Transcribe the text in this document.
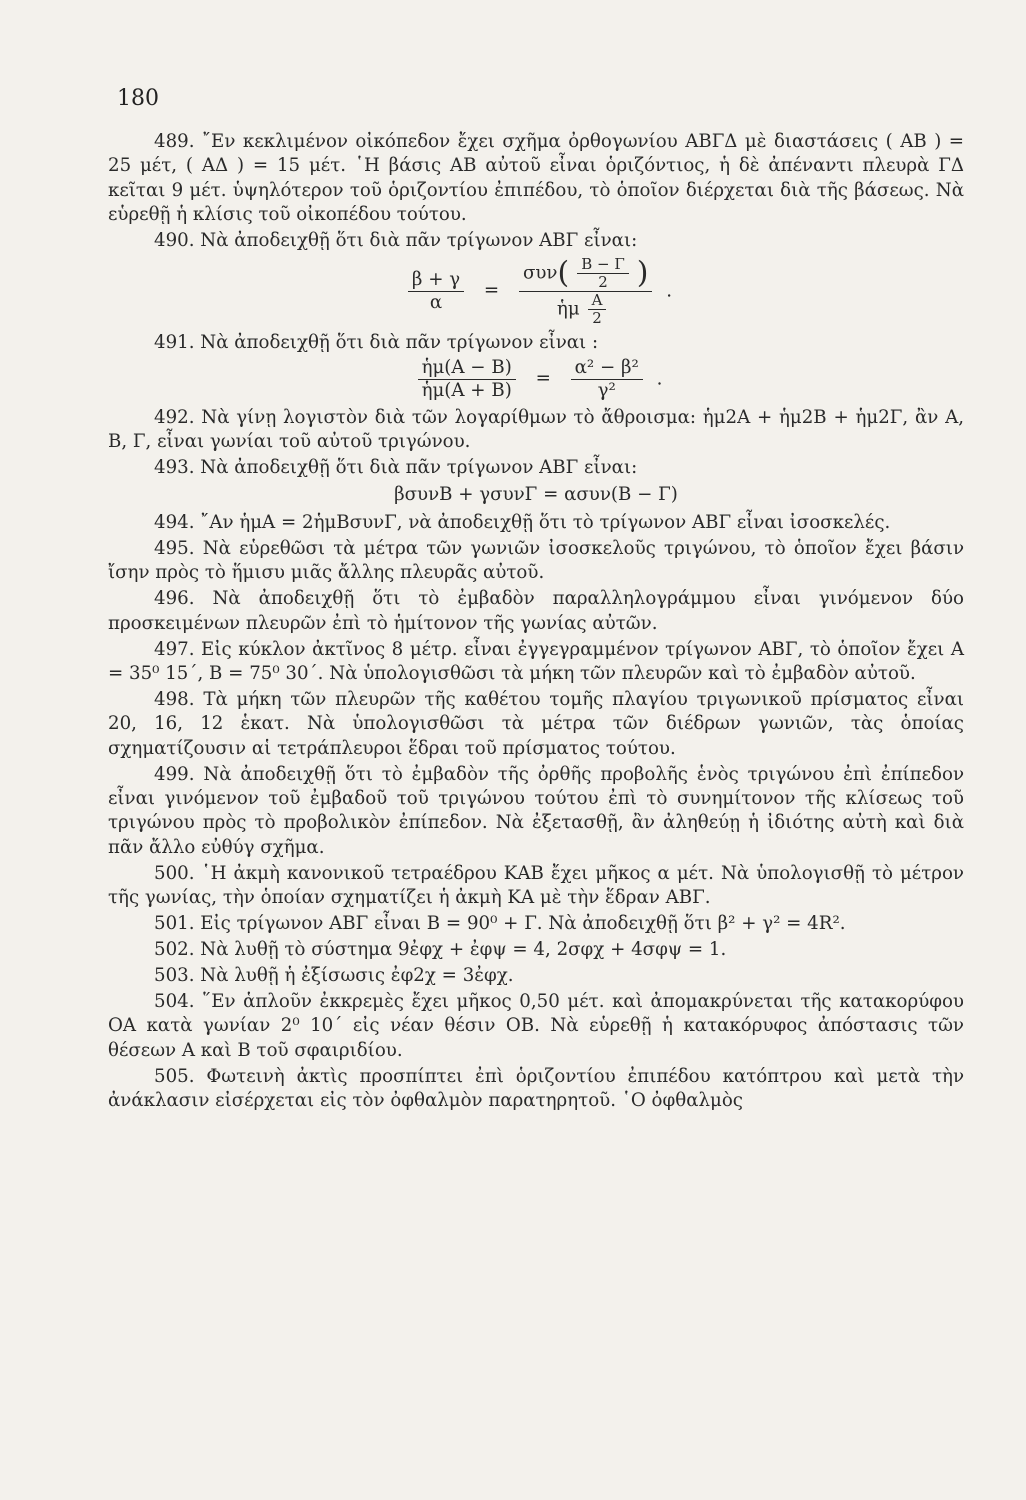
180

489. ῎Εν κεκλιμένον οἰκόπεδον ἔχει σχῆμα ὀρθογωνίου ΑΒΓΔ μὲ διαστάσεις ( ΑΒ ) = 25 μέτ, ( ΑΔ ) = 15 μέτ. ῾Η βάσις ΑΒ αὐτοῦ εἶναι ὁριζόντιος, ἡ δὲ ἀπέναντι πλευρὰ ΓΔ κεῖται 9 μέτ. ὑψηλότερον τοῦ ὁριζοντίου ἐπιπέδου, τὸ ὁποῖον διέρχεται διὰ τῆς βάσεως. Νὰ εὑρεθῇ ἡ κλίσις τοῦ οἰκοπέδου τούτου.

490. Νὰ ἀποδειχθῇ ὅτι διὰ πᾶν τρίγωνον ΑΒΓ εἶναι:

$\frac{\beta + \gamma}{\alpha} = \frac{\sigma\upsilon\nu( \frac{B - \Gamma}{2} )}{ἡ\mu \frac{A}{2}}$ .

491. Νὰ ἀποδειχθῇ ὅτι διὰ πᾶν τρίγωνον εἶναι :

$\frac{\text{ἡμ(Α − Β)}}{\text{ἡμ(Α + Β)}} = \frac{\text{α² − β²}}{\text{γ²}}$ .

492. Νὰ γίνῃ λογιστὸν διὰ τῶν λογαρίθμων τὸ ἄθροισμα: ἡμ2Α + ἡμ2Β + ἡμ2Γ, ἂν Α, Β, Γ, εἶναι γωνίαι τοῦ αὐτοῦ τριγώνου.

493. Νὰ ἀποδειχθῇ ὅτι διὰ πᾶν τρίγωνον ΑΒΓ εἶναι:

βσυνΒ + γσυνΓ = ασυν(Β − Γ)

494. ῎Αν ἡμΑ = 2ἡμΒσυνΓ, νὰ ἀποδειχθῇ ὅτι τὸ τρίγωνον ΑΒΓ εἶναι ἰσοσκελές.

495. Νὰ εὑρεθῶσι τὰ μέτρα τῶν γωνιῶν ἰσοσκελοῦς τριγώνου, τὸ ὁποῖον ἔχει βάσιν ἴσην πρὸς τὸ ἥμισυ μιᾶς ἄλλης πλευρᾶς αὐτοῦ.

496. Νὰ ἀποδειχθῇ ὅτι τὸ ἐμβαδὸν παραλληλογράμμου εἶναι γινόμενον δύο προσκειμένων πλευρῶν ἐπὶ τὸ ἡμίτονον τῆς γωνίας αὐτῶν.

497. Εἰς κύκλον ἀκτῖνος 8 μέτρ. εἶναι ἐγγεγραμμένον τρίγωνον ΑΒΓ, τὸ ὁποῖον ἔχει Α = 35⁰ 15΄, Β = 75⁰ 30΄. Νὰ ὑπολογισθῶσι τὰ μήκη τῶν πλευρῶν καὶ τὸ ἐμβαδὸν αὐτοῦ.

498. Τὰ μήκη τῶν πλευρῶν τῆς καθέτου τομῆς πλαγίου τριγωνικοῦ πρίσματος εἶναι 20, 16, 12 ἑκατ. Νὰ ὑπολογισθῶσι τὰ μέτρα τῶν διέδρων γωνιῶν, τὰς ὁποίας σχηματίζουσιν αἱ τετράπλευροι ἕδραι τοῦ πρίσματος τούτου.

499. Νὰ ἀποδειχθῇ ὅτι τὸ ἐμβαδὸν τῆς ὀρθῆς προβολῆς ἑνὸς τριγώνου ἐπὶ ἐπίπεδον εἶναι γινόμενον τοῦ ἐμβαδοῦ τοῦ τριγώνου τούτου ἐπὶ τὸ συνημίτονον τῆς κλίσεως τοῦ τριγώνου πρὸς τὸ προβολικὸν ἐπίπεδον. Νὰ ἐξετασθῇ, ἂν ἀληθεύῃ ἡ ἰδιότης αὐτὴ καὶ διὰ πᾶν ἄλλο εὐθύγ σχῆμα.

500. ῾Η ἀκμὴ κανονικοῦ τετραέδρου ΚΑΒ ἔχει μῆκος α μέτ. Νὰ ὑπολογισθῇ τὸ μέτρον τῆς γωνίας, τὴν ὁποίαν σχηματίζει ἡ ἀκμὴ ΚΑ μὲ τὴν ἕδραν ΑΒΓ.

501. Εἰς τρίγωνον ΑΒΓ εἶναι Β = 90⁰ + Γ. Νὰ ἀποδειχθῇ ὅτι β² + γ² = 4R².

502. Νὰ λυθῇ τὸ σύστημα 9ἐφχ + ἐφψ = 4, 2σφχ + 4σφψ = 1.

503. Νὰ λυθῇ ἡ ἐξίσωσις ἐφ2χ = 3ἐφχ.

504. ῞Εν ἁπλοῦν ἐκκρεμὲς ἔχει μῆκος 0,50 μέτ. καὶ ἀπομακρύνεται τῆς κατακορύφου ΟΑ κατὰ γωνίαν 2⁰ 10΄ εἰς νέαν θέσιν ΟΒ. Νὰ εὑρεθῇ ἡ κατακόρυφος ἀπόστασις τῶν θέσεων Α καὶ Β τοῦ σφαιριδίου.

505. Φωτεινὴ ἀκτὶς προσπίπτει ἐπὶ ὁριζοντίου ἐπιπέδου κατόπτρου καὶ μετὰ τὴν ἀνάκλασιν εἰσέρχεται εἰς τὸν ὀφθαλμὸν παρατηρητοῦ. ῾Ο ὀφθαλμὸς
